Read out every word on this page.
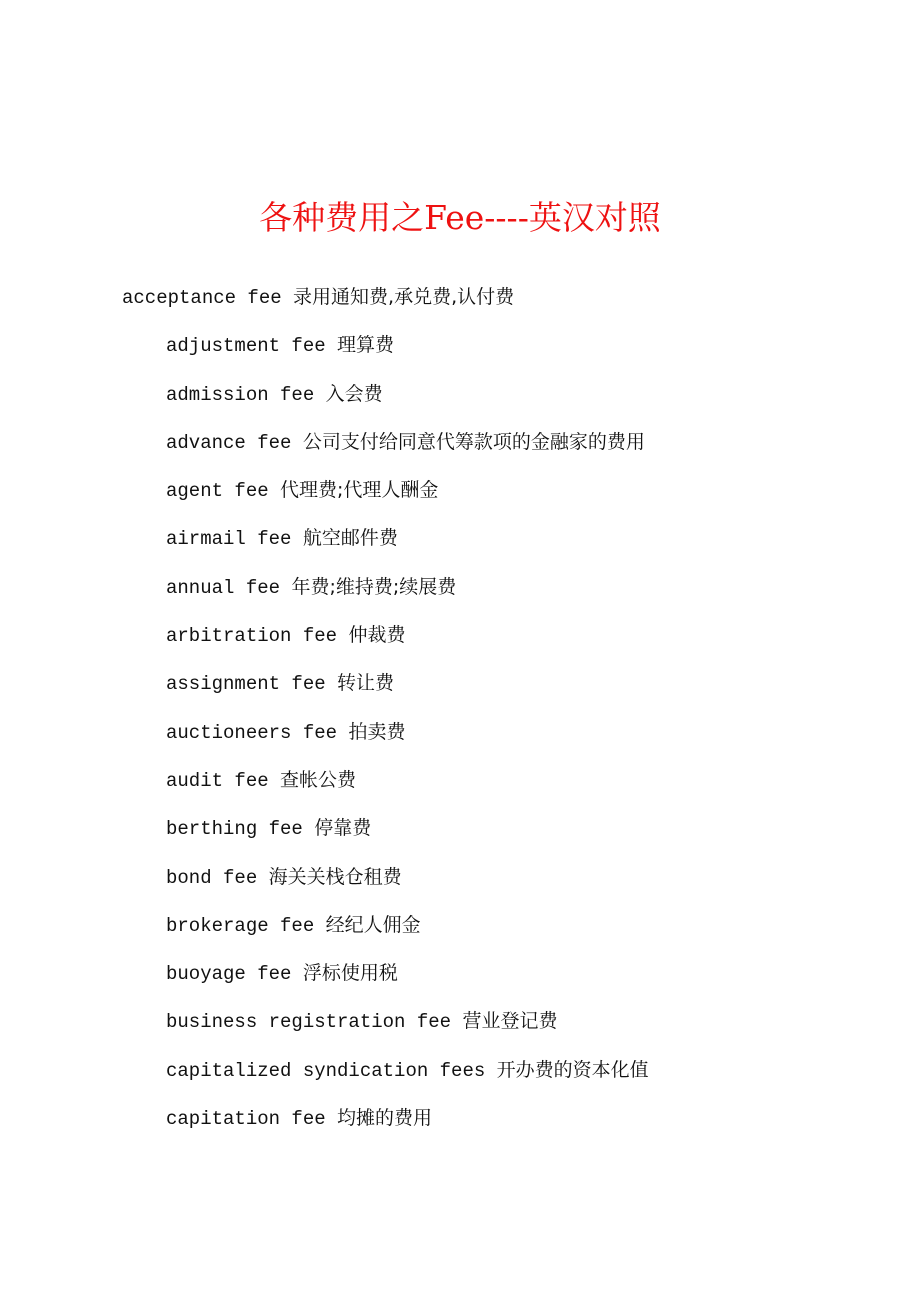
各种费用之Fee----英汉对照
acceptance fee 录用通知费,承兑费,认付费
adjustment fee 理算费
admission fee 入会费
advance fee 公司支付给同意代筹款项的金融家的费用
agent fee 代理费;代理人酬金
airmail fee 航空邮件费
annual fee 年费;维持费;续展费
arbitration fee 仲裁费
assignment fee 转让费
auctioneers fee 拍卖费
audit fee 查帐公费
berthing fee 停靠费
bond fee 海关关栈仓租费
brokerage fee 经纪人佣金
buoyage fee 浮标使用税
business registration fee 营业登记费
capitalized syndication fees 开办费的资本化值
capitation fee 均摊的费用
